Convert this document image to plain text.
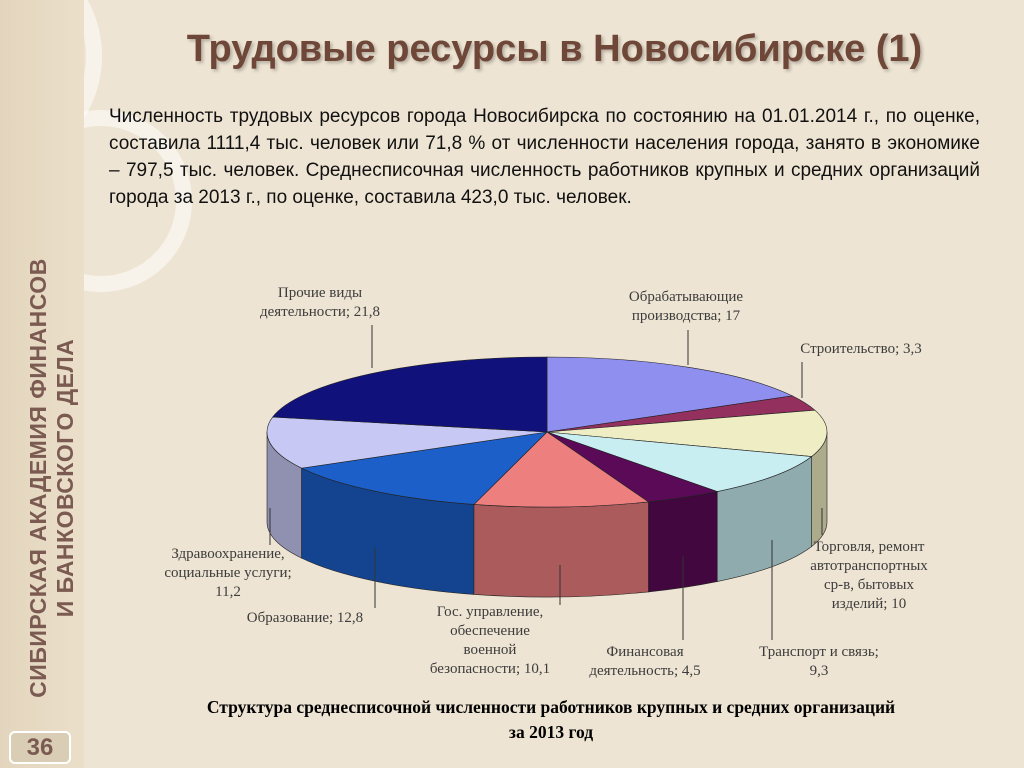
СИБИРСКАЯ АКАДЕМИЯ ФИНАНСОВ
И БАНКОВСКОГО ДЕЛА
36
Трудовые ресурсы в Новосибирске (1)
Численность трудовых ресурсов города Новосибирска по состоянию на 01.01.2014 г., по оценке, составила 1111,4 тыс. человек или 71,8 % от численности населения города, занято в экономике – 797,5 тыс. человек. Среднесписочная численность работников крупных и средних организаций города за 2013 г., по оценке, составила 423,0 тыс. человек.
Обрабатывающие
производства; 17
Строительство; 3,3
Торговля, ремонт
автотранспортных
ср-в, бытовых
изделий; 10
Транспорт и связь;
9,3
Финансовая
деятельность; 4,5
Гос. управление,
обеспечение
военной
безопасности; 10,1
Образование; 12,8
Здравоохранение,
социальные услуги;
11,2
Прочие виды
деятельности; 21,8
Структура среднесписочной численности работников крупных и средних организаций
за 2013 год
